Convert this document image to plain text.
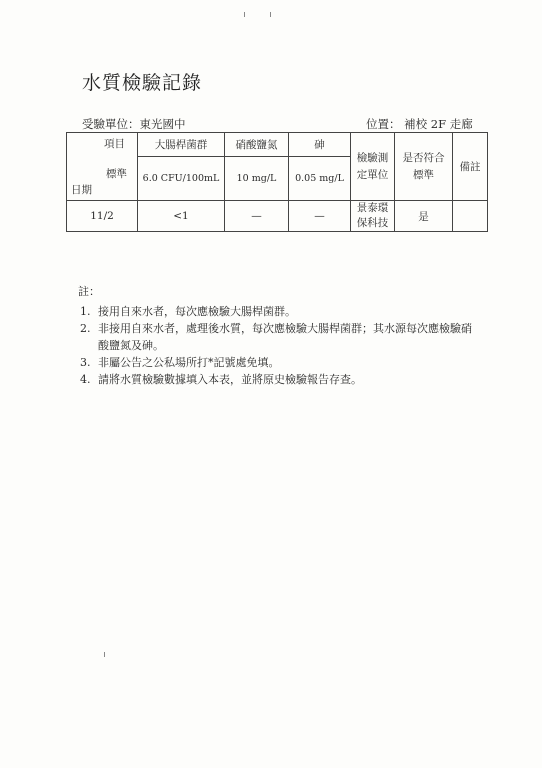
水質檢驗記錄
受驗單位：東光國中	位置： 補校 2F 走廊
項目
標準
日期	大腸桿菌群	硝酸鹽氮	砷	檢驗測定單位	是否符合標準	備註
	6.0 CFU/100mL	10 mg/L	0.05 mg/L			
11/2	<1	—	—	景泰環保科技	是	
註：
1. 接用自來水者，每次應檢驗大腸桿菌群。
2. 非接用自來水者，處理後水質，每次應檢驗大腸桿菌群；其水源每次應檢驗硝酸鹽氮及砷。
3. 非屬公告之公私場所打*記號處免填。
4. 請將水質檢驗數據填入本表，並將原史檢驗報告存查。
